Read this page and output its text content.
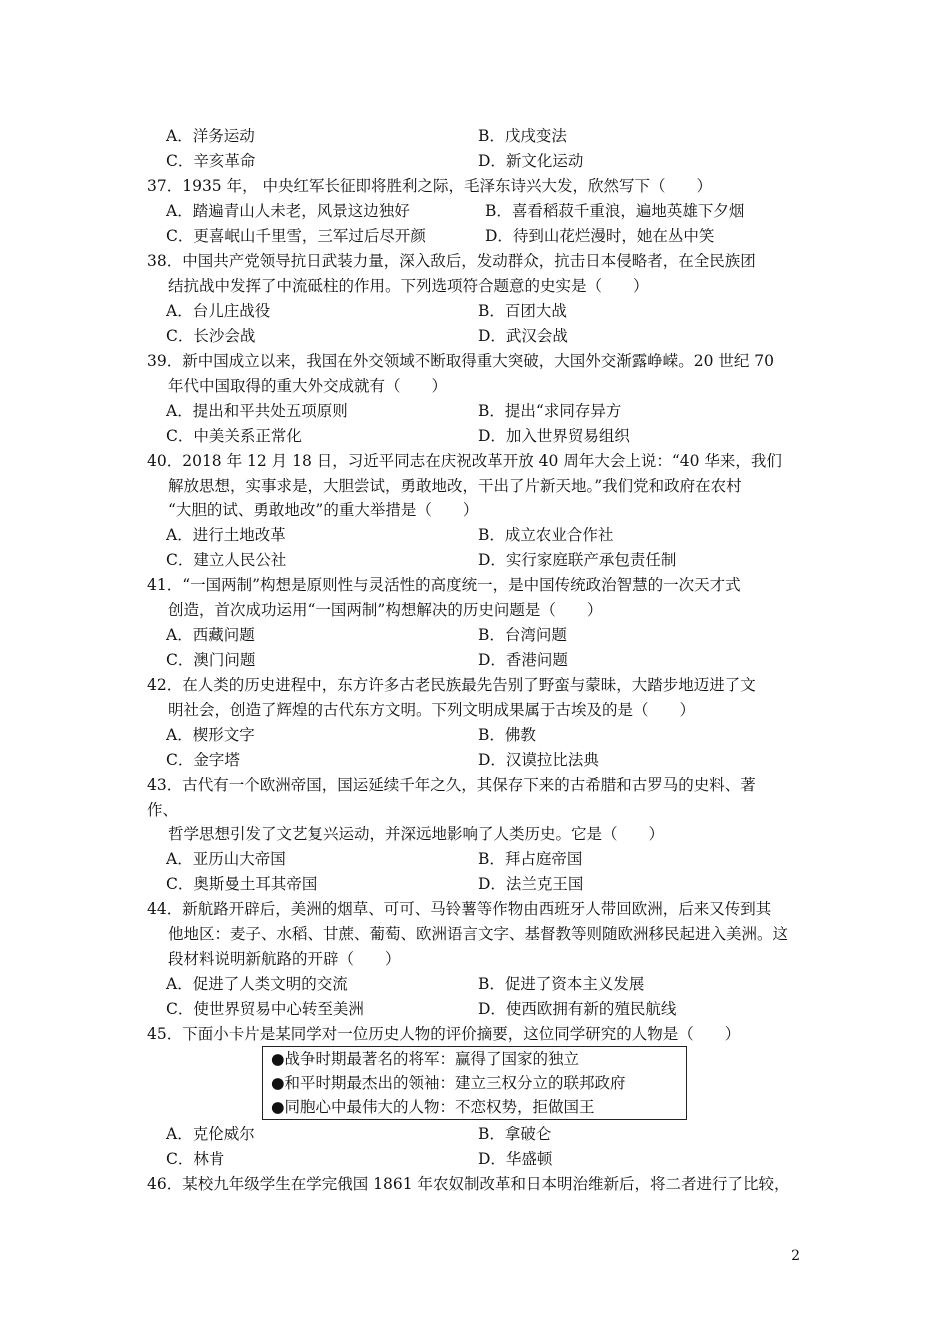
A．洋务运动	B．戊戌变法
C．辛亥革命	D．新文化运动
37．1935 年， 中央红军长征即将胜利之际，毛泽东诗兴大发，欣然写下（　　）
A．踏遍青山人未老，风景这边独好	B．喜看稻菽千重浪，遍地英雄下夕烟
C．更喜岷山千里雪，三军过后尽开颜	D．待到山花烂漫时，她在丛中笑
38．中国共产党领导抗日武装力量，深入敌后，发动群众，抗击日本侵略者，在全民族团
结抗战中发挥了中流砥柱的作用。下列选项符合题意的史实是（　　）
A．台儿庄战役	B．百团大战
C．长沙会战	D．武汉会战
39．新中国成立以来，我国在外交领域不断取得重大突破，大国外交渐露峥嵘。20 世纪 70
年代中国取得的重大外交成就有（　　）
A．提出和平共处五项原则	B．提出“求同存异方
C．中美关系正常化	D．加入世界贸易组织
40．2018 年 12 月 18 日，习近平同志在庆祝改革开放 40 周年大会上说：“40 华来，我们
解放思想，实事求是，大胆尝试，勇敢地改，干出了片新天地。”我们党和政府在农村
“大胆的试、勇敢地改”的重大举措是（　　）
A．进行土地改革	B．成立农业合作社
C．建立人民公社	D．实行家庭联产承包责任制
41．“一国两制”构想是原则性与灵活性的高度统一，是中国传统政治智慧的一次天才式
创造，首次成功运用“一国两制”构想解决的历史问题是（　　）
A．西藏问题	B．台湾问题
C．澳门问题	D．香港问题
42．在人类的历史进程中，东方许多古老民族最先告别了野蛮与蒙昧，大踏步地迈进了文
明社会，创造了辉煌的古代东方文明。下列文明成果属于古埃及的是（　　）
A．楔形文字	B．佛教
C．金字塔	D．汉谟拉比法典
43．古代有一个欧洲帝国，国运延续千年之久，其保存下来的古希腊和古罗马的史料、著
作、
哲学思想引发了文艺复兴运动，并深远地影响了人类历史。它是（　　）
A．亚历山大帝国	B．拜占庭帝国
C．奥斯曼土耳其帝国	D．法兰克王国
44．新航路开辟后，美洲的烟草、可可、马铃薯等作物由西班牙人带回欧洲，后来又传到其
他地区：麦子、水稻、甘蔗、葡萄、欧洲语言文字、基督教等则随欧洲移民起进入美洲。这
段材料说明新航路的开辟（　　）
A．促进了人类文明的交流	B．促进了资本主义发展
C．使世界贸易中心转至美洲	D．使西欧拥有新的殖民航线
45．下面小卡片是某同学对一位历史人物的评价摘要，这位同学研究的人物是（　　）
●战争时期最著名的将军：赢得了国家的独立
●和平时期最杰出的领袖：建立三权分立的联邦政府
●同胞心中最伟大的人物：不恋权势，拒做国王
A．克伦威尔	B．拿破仑
C．林肯	D．华盛顿
46．某校九年级学生在学完俄国 1861 年农奴制改革和日本明治维新后，将二者进行了比较，
2
